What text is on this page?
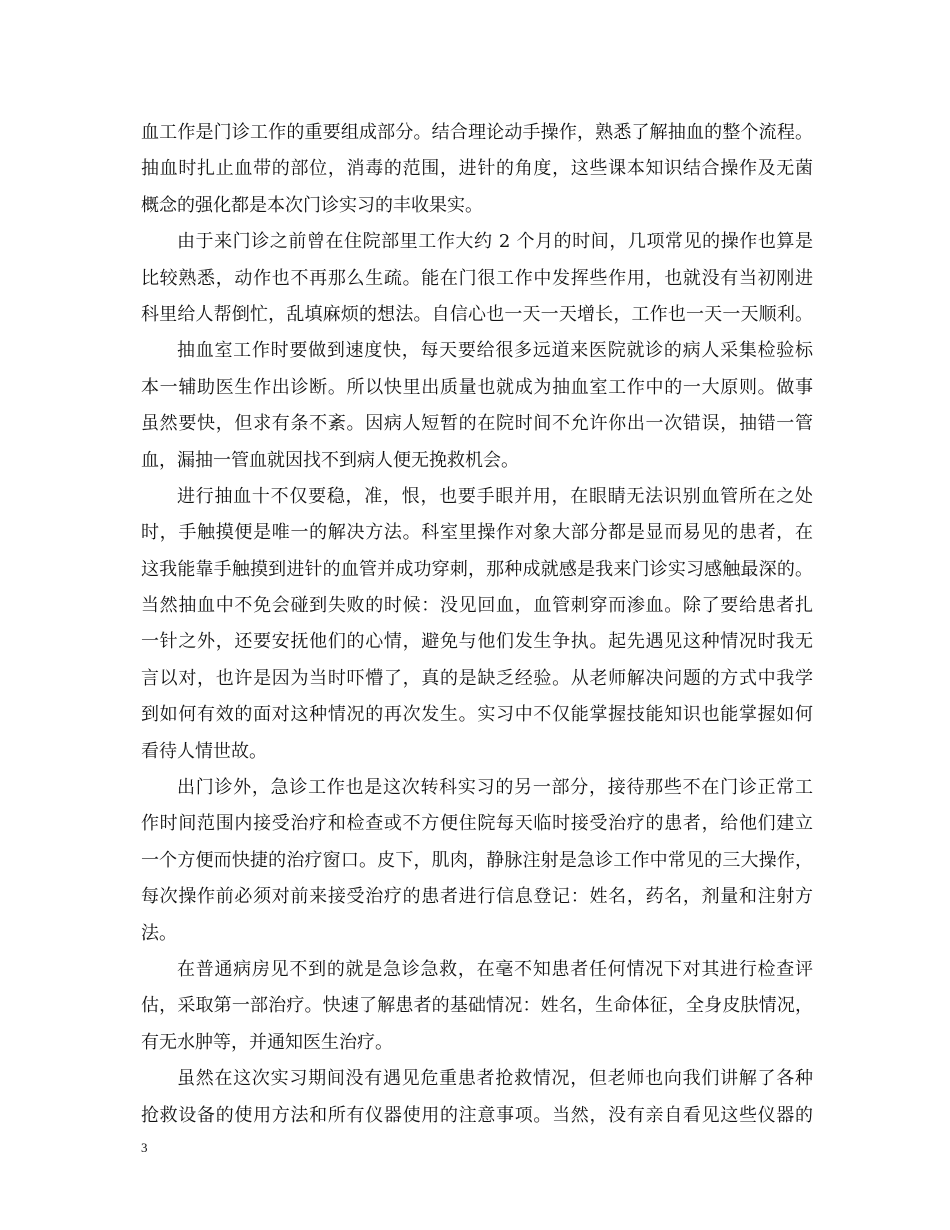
血工作是门诊工作的重要组成部分。结合理论动手操作，熟悉了解抽血的整个流程。
抽血时扎止血带的部位，消毒的范围，进针的角度，这些课本知识结合操作及无菌
概念的强化都是本次门诊实习的丰收果实。
由于来门诊之前曾在住院部里工作大约 2 个月的时间，几项常见的操作也算是
比较熟悉，动作也不再那么生疏。能在门很工作中发挥些作用，也就没有当初刚进
科里给人帮倒忙，乱填麻烦的想法。自信心也一天一天增长，工作也一天一天顺利。
抽血室工作时要做到速度快，每天要给很多远道来医院就诊的病人采集检验标
本一辅助医生作出诊断。所以快里出质量也就成为抽血室工作中的一大原则。做事
虽然要快，但求有条不紊。因病人短暂的在院时间不允许你出一次错误，抽错一管
血，漏抽一管血就因找不到病人便无挽救机会。
进行抽血十不仅要稳，准，恨，也要手眼并用，在眼睛无法识别血管所在之处
时，手触摸便是唯一的解决方法。科室里操作对象大部分都是显而易见的患者，在
这我能靠手触摸到进针的血管并成功穿刺，那种成就感是我来门诊实习感触最深的。
当然抽血中不免会碰到失败的时候：没见回血，血管刺穿而渗血。除了要给患者扎
一针之外，还要安抚他们的心情，避免与他们发生争执。起先遇见这种情况时我无
言以对，也许是因为当时吓懵了，真的是缺乏经验。从老师解决问题的方式中我学
到如何有效的面对这种情况的再次发生。实习中不仅能掌握技能知识也能掌握如何
看待人情世故。
出门诊外，急诊工作也是这次转科实习的另一部分，接待那些不在门诊正常工
作时间范围内接受治疗和检查或不方便住院每天临时接受治疗的患者，给他们建立
一个方便而快捷的治疗窗口。皮下，肌肉，静脉注射是急诊工作中常见的三大操作，
每次操作前必须对前来接受治疗的患者进行信息登记：姓名，药名，剂量和注射方
法。
在普通病房见不到的就是急诊急救，在毫不知患者任何情况下对其进行检查评
估，采取第一部治疗。快速了解患者的基础情况：姓名，生命体征，全身皮肤情况，
有无水肿等，并通知医生治疗。
虽然在这次实习期间没有遇见危重患者抢救情况，但老师也向我们讲解了各种
抢救设备的使用方法和所有仪器使用的注意事项。当然，没有亲自看见这些仪器的
3
